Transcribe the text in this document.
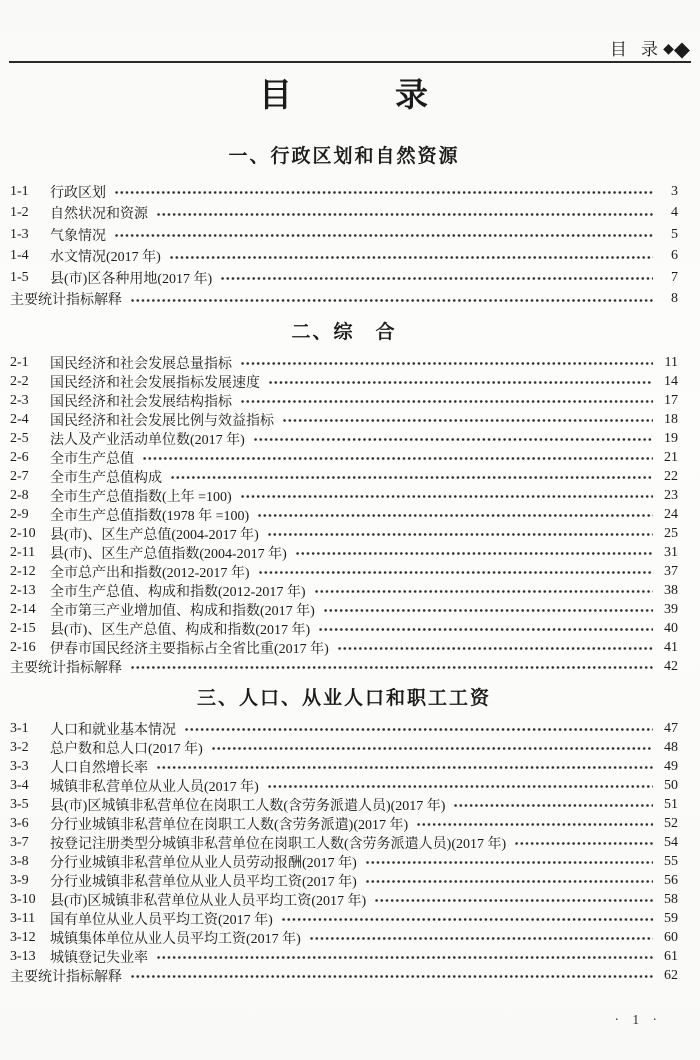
目 录 ◆ ◆
目　　　录
一、行政区划和自然资源
1-1	行政区划	3
1-2	自然状况和资源	4
1-3	气象情况	5
1-4	水文情况(2017 年)	6
1-5	县(市)区各种用地(2017 年)	7
主要统计指标解释	8
二、综　合
2-1	国民经济和社会发展总量指标	11
2-2	国民经济和社会发展指标发展速度	14
2-3	国民经济和社会发展结构指标	17
2-4	国民经济和社会发展比例与效益指标	18
2-5	法人及产业活动单位数(2017 年)	19
2-6	全市生产总值	21
2-7	全市生产总值构成	22
2-8	全市生产总值指数(上年 =100)	23
2-9	全市生产总值指数(1978 年 =100)	24
2-10	县(市)、区生产总值(2004-2017 年)	25
2-11	县(市)、区生产总值指数(2004-2017 年)	31
2-12	全市总产出和指数(2012-2017 年)	37
2-13	全市生产总值、构成和指数(2012-2017 年)	38
2-14	全市第三产业增加值、构成和指数(2017 年)	39
2-15	县(市)、区生产总值、构成和指数(2017 年)	40
2-16	伊春市国民经济主要指标占全省比重(2017 年)	41
主要统计指标解释	42
三、人口、从业人口和职工工资
3-1	人口和就业基本情况	47
3-2	总户数和总人口(2017 年)	48
3-3	人口自然增长率	49
3-4	城镇非私营单位从业人员(2017 年)	50
3-5	县(市)区城镇非私营单位在岗职工人数(含劳务派遣人员)(2017 年)	51
3-6	分行业城镇非私营单位在岗职工人数(含劳务派遣)(2017 年)	52
3-7	按登记注册类型分城镇非私营单位在岗职工人数(含劳务派遣人员)(2017 年)	54
3-8	分行业城镇非私营单位从业人员劳动报酬(2017 年)	55
3-9	分行业城镇非私营单位从业人员平均工资(2017 年)	56
3-10	县(市)区城镇非私营单位从业人员平均工资(2017 年)	58
3-11	国有单位从业人员平均工资(2017 年)	59
3-12	城镇集体单位从业人员平均工资(2017 年)	60
3-13	城镇登记失业率	61
主要统计指标解释	62
· 1 ·
